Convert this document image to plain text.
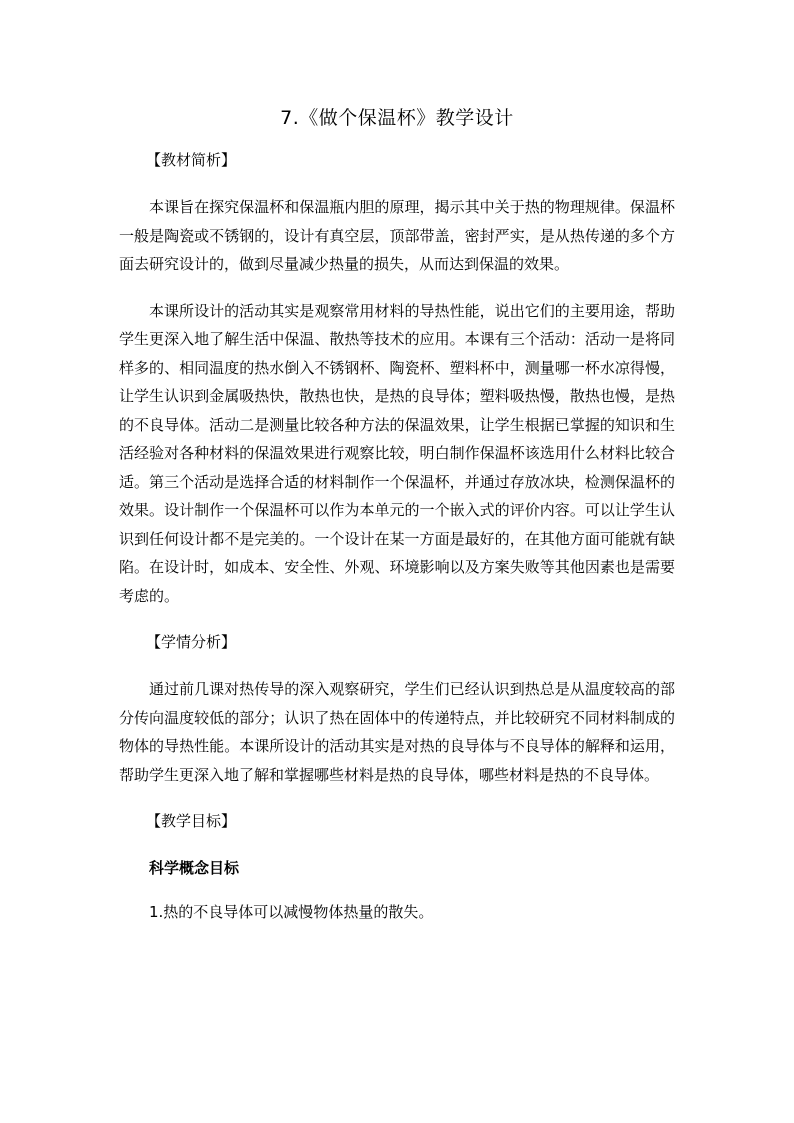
7.《做个保温杯》教学设计

【教材简析】

本课旨在探究保温杯和保温瓶内胆的原理，揭示其中关于热的物理规律。保温杯一般是陶瓷或不锈钢的，设计有真空层，顶部带盖，密封严实，是从热传递的多个方面去研究设计的，做到尽量减少热量的损失，从而达到保温的效果。

本课所设计的活动其实是观察常用材料的导热性能，说出它们的主要用途，帮助学生更深入地了解生活中保温、散热等技术的应用。本课有三个活动：活动一是将同样多的、相同温度的热水倒入不锈钢杯、陶瓷杯、塑料杯中，测量哪一杯水凉得慢，让学生认识到金属吸热快，散热也快，是热的良导体；塑料吸热慢，散热也慢，是热的不良导体。活动二是测量比较各种方法的保温效果，让学生根据已掌握的知识和生活经验对各种材料的保温效果进行观察比较，明白制作保温杯该选用什么材料比较合适。第三个活动是选择合适的材料制作一个保温杯，并通过存放冰块，检测保温杯的效果。设计制作一个保温杯可以作为本单元的一个嵌入式的评价内容。可以让学生认识到任何设计都不是完美的。一个设计在某一方面是最好的，在其他方面可能就有缺陷。在设计时，如成本、安全性、外观、环境影响以及方案失败等其他因素也是需要考虑的。

【学情分析】

通过前几课对热传导的深入观察研究，学生们已经认识到热总是从温度较高的部分传向温度较低的部分；认识了热在固体中的传递特点，并比较研究不同材料制成的物体的导热性能。本课所设计的活动其实是对热的良导体与不良导体的解释和运用，帮助学生更深入地了解和掌握哪些材料是热的良导体，哪些材料是热的不良导体。

【教学目标】

科学概念目标

1.热的不良导体可以减慢物体热量的散失。
